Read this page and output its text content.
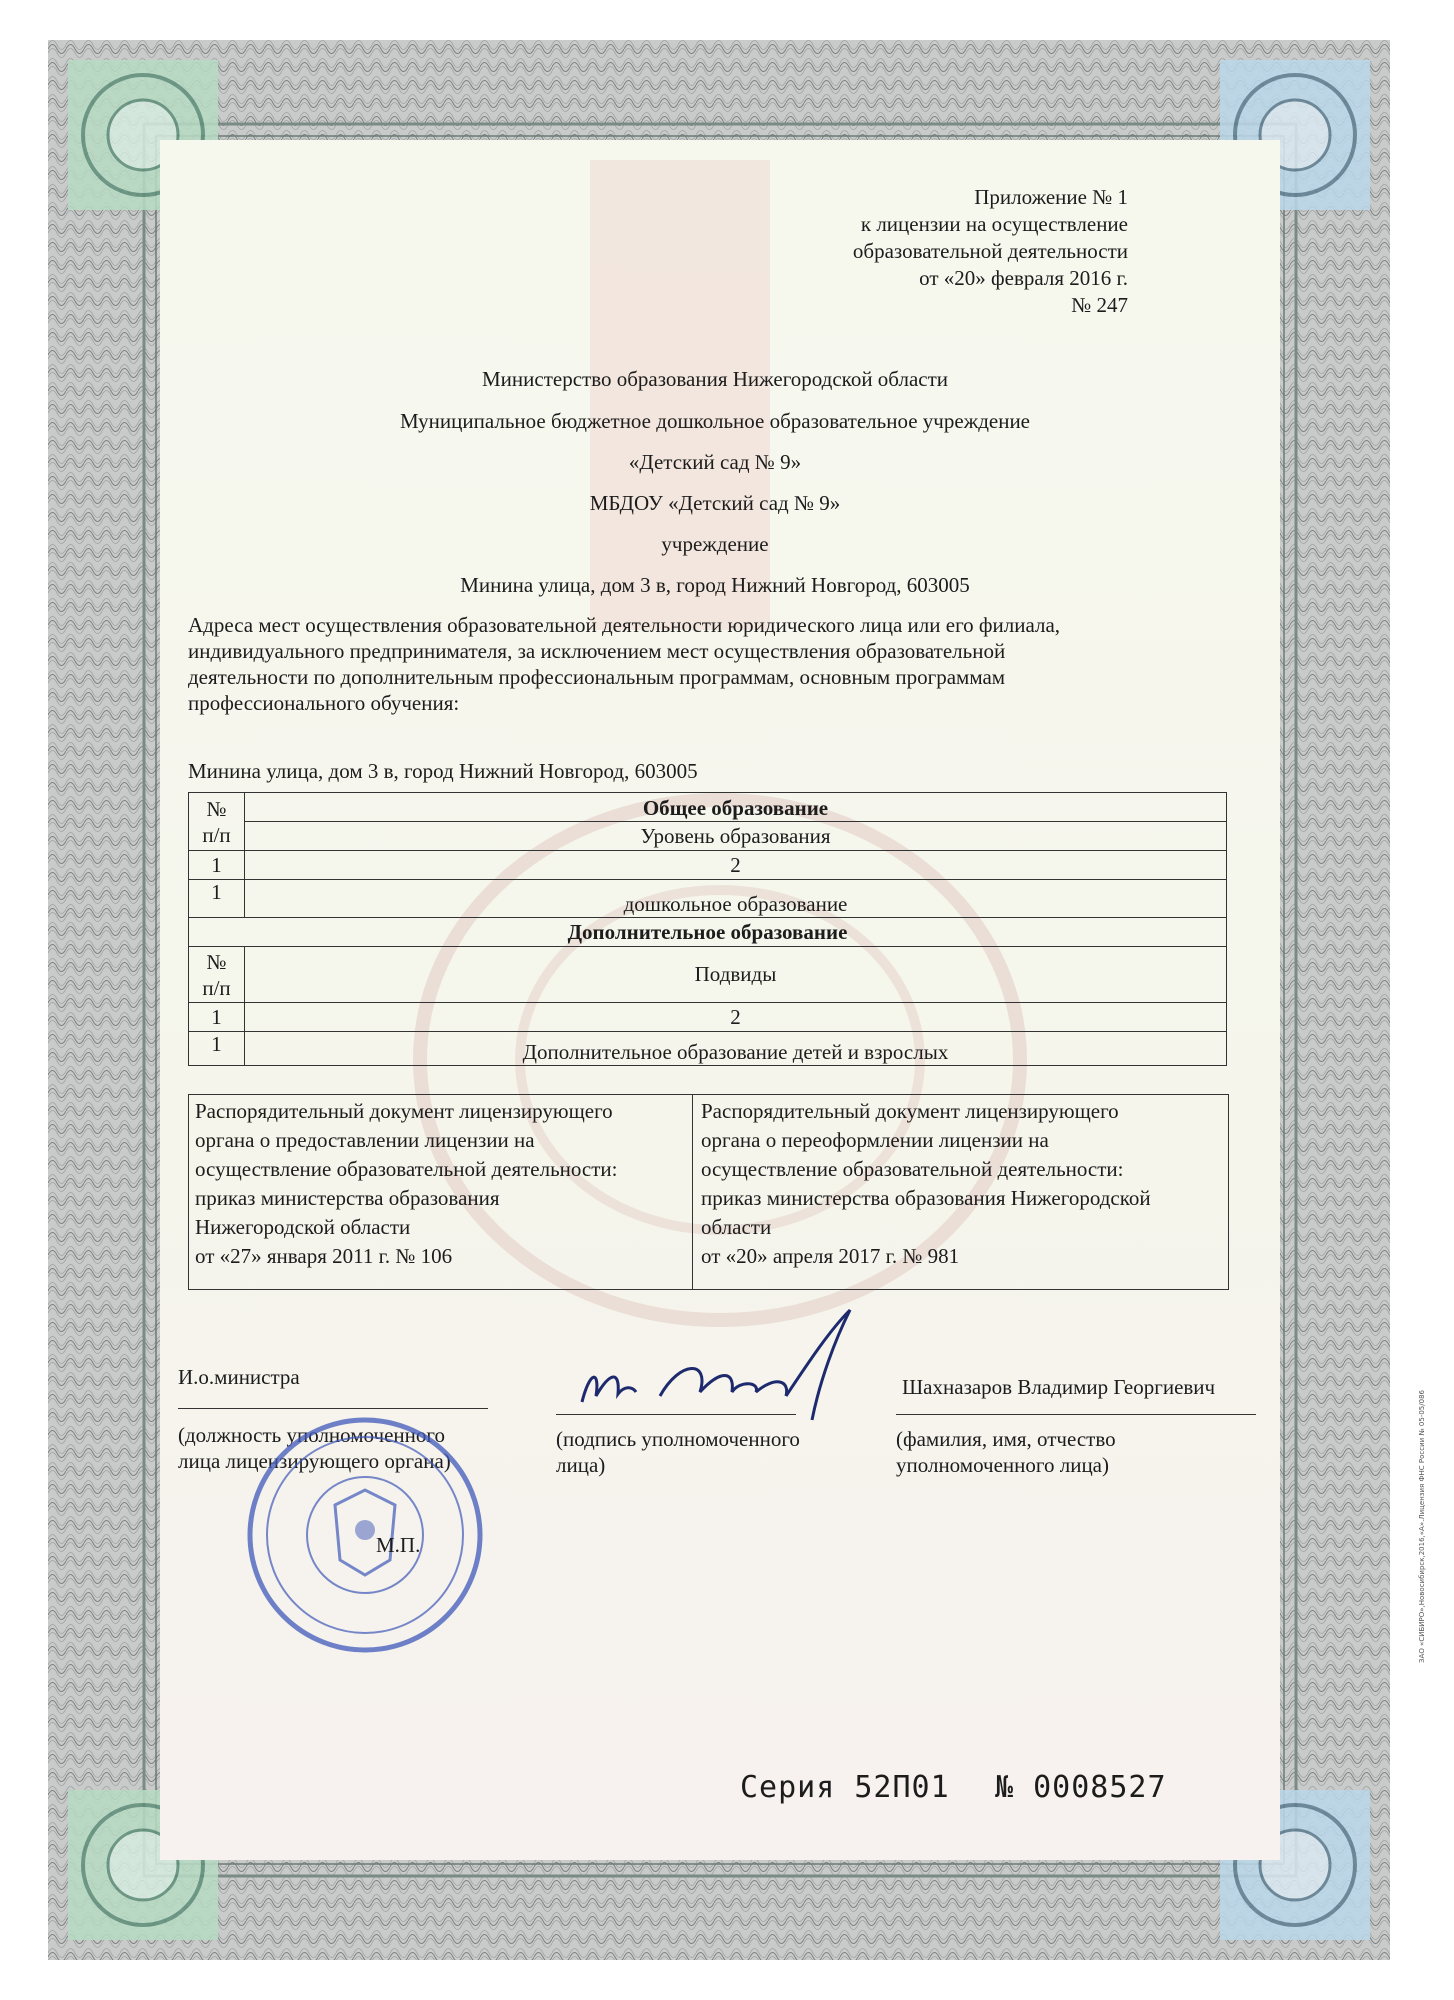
Приложение № 1
к лицензии на осуществление
образовательной деятельности
от «20» февраля 2016 г.
№ 247
Министерство образования Нижегородской области
Муниципальное бюджетное дошкольное образовательное учреждение
«Детский сад № 9»
МБДОУ «Детский сад № 9»
учреждение
Минина улица, дом 3 в, город Нижний Новгород, 603005
Адреса мест осуществления образовательной деятельности юридического лица или его филиала,
индивидуального предпринимателя, за исключением мест осуществления образовательной
деятельности по дополнительным профессиональным программам, основным программам
профессионального обучения:
Минина улица, дом 3 в, город Нижний Новгород, 603005
№
п/п	Общее образование
	Уровень образования
1	2
1	дошкольное образование
Дополнительное образование	

№
п/п	Подвиды
1	2
1	Дополнительное образование детей и взрослых
Распорядительный документ лицензирующего
органа о предоставлении лицензии на
осуществление образовательной деятельности:
приказ министерства образования
Нижегородской области
от «27» января 2011 г. № 106
Распорядительный документ лицензирующего
органа о переоформлении лицензии на
осуществление образовательной деятельности:
приказ министерства образования Нижегородской
области
от «20» апреля 2017 г. № 981
И.о.министра
(должность уполномоченного
лица лицензирующего органа)
(подпись уполномоченного
лица)
Шахназаров Владимир Георгиевич
(фамилия, имя, отчество
уполномоченного лица)
М.П.
Серия 52П01 № 0008527
ЗАО «СИБИРО»,Новосибирск,2016,«А».Лицензия ФНС России № 05-05/086
